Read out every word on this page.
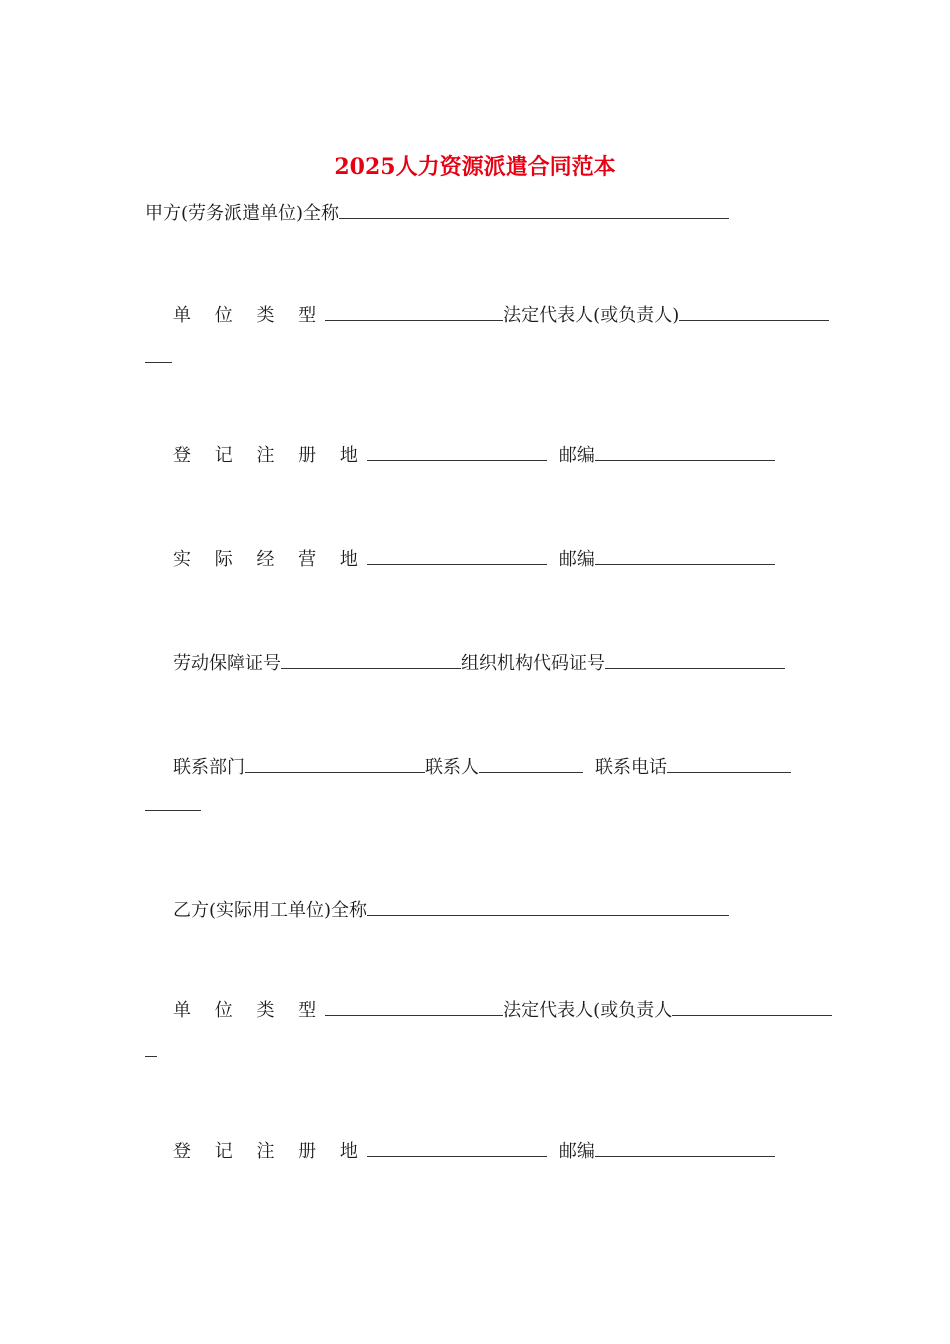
2025人力资源派遣合同范本
甲方(劳务派遣单位)全称
单 位 类 型	法定代表人(或负责人)
登 记 注 册 地	邮编
实 际 经 营 地	邮编
劳动保障证号	组织机构代码证号
联系部门	联系人	联系电话
乙方(实际用工单位)全称
单 位 类 型	法定代表人(或负责人
登 记 注 册 地	邮编
